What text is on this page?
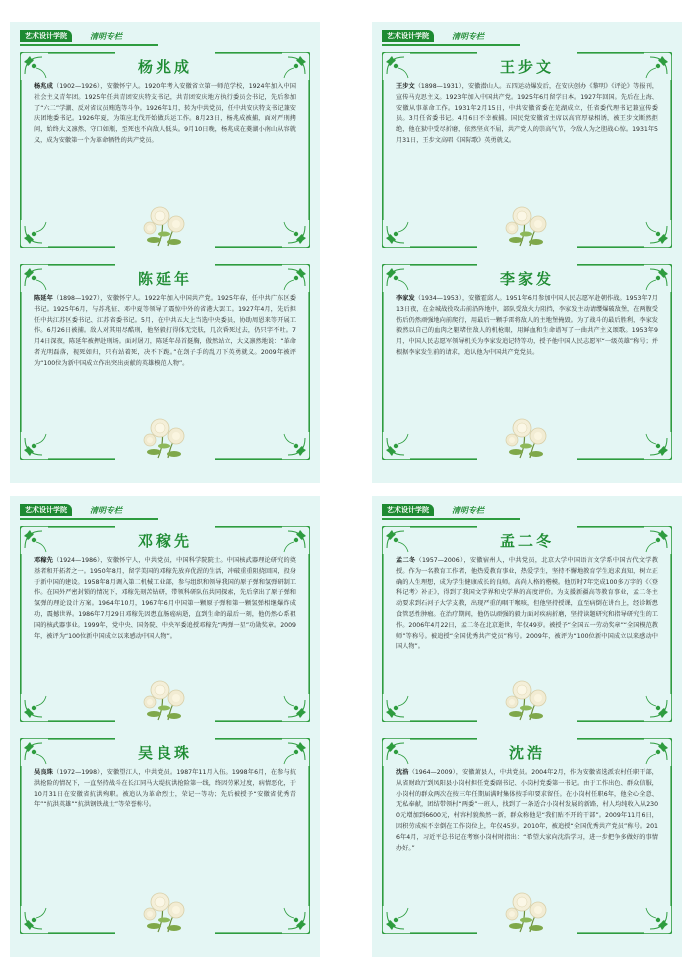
艺术设计学院	清明专栏
杨兆成
杨兆成（1902—1926），安徽怀宁人。1920年考入安徽省立第一师范学校，1924年加入中国社会主义青年团。1925年任共青团安庆特支书记，共青团安庆地方执行委员会书记，先后参加了“六二”学潮、反对省议员贿选等斗争。1926年1月，转为中共党员，任中共安庆特支书记兼安庆团地委书记。1926年夏，为策应北伐开始做兵运工作。8月23日，杨兆成被捕，面对严刑拷问，始终大义凛然、守口如瓶，至死也不向敌人低头。9月10日晚，杨兆成在菱湖小南山从容就义，成为安徽第一个为革命牺牲的共产党员。
陈延年
陈延年（1898—1927），安徽怀宁人。1922年加入中国共产党。1925年春，任中共广东区委书记。1925年6月，与苏兆征、邓中夏等领导了震惊中外的省港大罢工。1927年4月，先后担任中共江苏区委书记、江苏省委书记。5月，在中共五大上当选中央委员，协助周恩来等开展工作。6月26日被捕。敌人对其用尽酷刑，他坚毅打得体无完肤，几次昏死过去，仍只字不吐。7月4日深夜，陈延年被押赴刑场。面对屠刀，陈延年昂首挺胸，傲然站立，大义凛然地说：“革命者光明磊落，视死如归，只有站着死，决不下跪。”在刽子手的乱刀下英勇就义。2009年被评为“100位为新中国成立作出突出贡献的英雄模范人物”。
艺术设计学院	清明专栏
王步文
王步文（1898—1931），安徽潜山人。五四运动爆发后，在安庆创办《黎明》《评论》等报刊，宣传马克思主义。1923年加入中国共产党。1925年6月留学日本。1927年回国。先后在上海、安徽从事革命工作。1931年2月15日，中共安徽省委在芜湖成立，任省委代理书记兼宣传委员。3月任省委书记。4月6日不幸被捕。国民党安徽省主席以高官厚禄相诱，被王步文断然拒绝，他在狱中受尽折磨，依然坚贞不屈，共产党人的崇高气节，令敌人为之胆战心惊。1931年5月31日，王步文高唱《国际歌》英勇就义。
李家发
李家发（1934—1953），安徽霍邱人。1951年6月参加中国人民志愿军赴朝作战。1953年7月13日夜，在金城战役攻击前沿阵地中，部队受敌火力阻挡，李家发主动请缨爆破敌堡，在两腹受伤后仍然顽强地向前爬行，用最后一颗手雷将敌人的主地堡掩毁。为了战斗的最后胜利，李家发毅然以自己的血肉之躯堵住敌人的机枪眼，用鲜血和生命谱写了一曲共产主义颂歌。1953年9月，中国人民志愿军领导机关为李家发追记特等功，授予他中国人民志愿军“一级英雄”称号；并根据李家发生前的请求，追认他为中国共产党党员。
艺术设计学院	清明专栏
邓稼先
邓稼先（1924—1986），安徽怀宁人，中共党员，中国科学院院士。中国核武器理论研究的奠基者和开拓者之一。1950年8月，留学美国的邓稼先放弃优渥的生活，冲破重重阻挠回国，投身于新中国的建设。1958年8月调入第二机械工业部，参与组织和领导我国的原子弹和氢弹研制工作。在国外严密封锁的情况下，邓稼先刻苦钻研，带领科研队伍共同探索，先后拿出了原子弹和氢弹的理论设计方案。1964年10月，1967年6月中国第一颗原子弹和第一颗氢弹相继爆炸成功，震撼世界。1986年7月29日邓稼先因患直肠癌病逝，直到生命的最后一刻，他仍然心系祖国的核武器事业。1999年，党中央、国务院、中央军委追授邓稼先“两弹一星”功勋奖章。2009年，被评为“100位新中国成立以来感动中国人物”。
吴良珠
吴良珠（1972—1998），安徽望江人，中共党员。1987年11月入伍。1998年6月，在参与抗洪抢险的情况下，一直坚持战斗在长江同马大堤抗洪抢险第一线，终因劳累过度，病情恶化，于10月31日在安徽省抗洪殉职。被追认为革命烈士，荣记一等功；先后被授予“安徽省优秀青年”“抗洪英雄”“抗洪钢铁战士”等荣誉称号。
艺术设计学院	清明专栏
孟二冬
孟二冬（1957—2006），安徽宿州人，中共党员，北京大学中国语言文学系中国古代文学教授。作为一名教育工作者，他热爱教育事业，热爱学生，坚持不懈地教育学生追求真知，树立正确的人生理想，成为学生健康成长的良师。高尚人格的楷模。他历时7年完成100多万字的《〈登科记考〉补正》，得到了我国文学界和史学界的高度评价。为支援新疆高等教育事业，孟二冬主动要求到石河子大学支教，出现严重的咽干喉咳，但他坚持授课，直至病倒在讲台上，经诊断患食管恶性肿瘤。在治疗期间，他仍以顽强的毅力面对疾病折磨，坚持读题研究和指导研究生的工作。2006年4月22日，孟二冬在北京逝世，年仅49岁。被授予“全国五一劳动奖章”“全国模范教师”等称号。被追授“全国优秀共产党员”称号。2009年，被评为“100位新中国成立以来感动中国人物”。
沈浩
沈浩（1964—2009），安徽萧县人，中共党员。2004年2月，作为安徽省选派农村任职干部，从省财政厅到凤阳县小岗村担任党委副书记、小岗村党委第一书记。由于工作出色、群众信服，小岗村的群众两次在按三年任期届满时集体按手印要求留任。在小岗村任职6年，他全心全意、无私奉献，团结带领村“两委”一班人，找到了一条适合小岗村发展的新路，村人均纯收入从2300元增加到6600元，村容村貌焕然一新，群众称他是“我们贴不开的干部”。2009年11月6日，因积劳成疾不幸倒在工作岗位上，年仅45岁。2010年，被追授“全国优秀共产党员”称号。2016年4月，习近平总书记在考察小岗村时指出：“希望大家向沈浩学习，进一步把争多做好的事情办好。”
